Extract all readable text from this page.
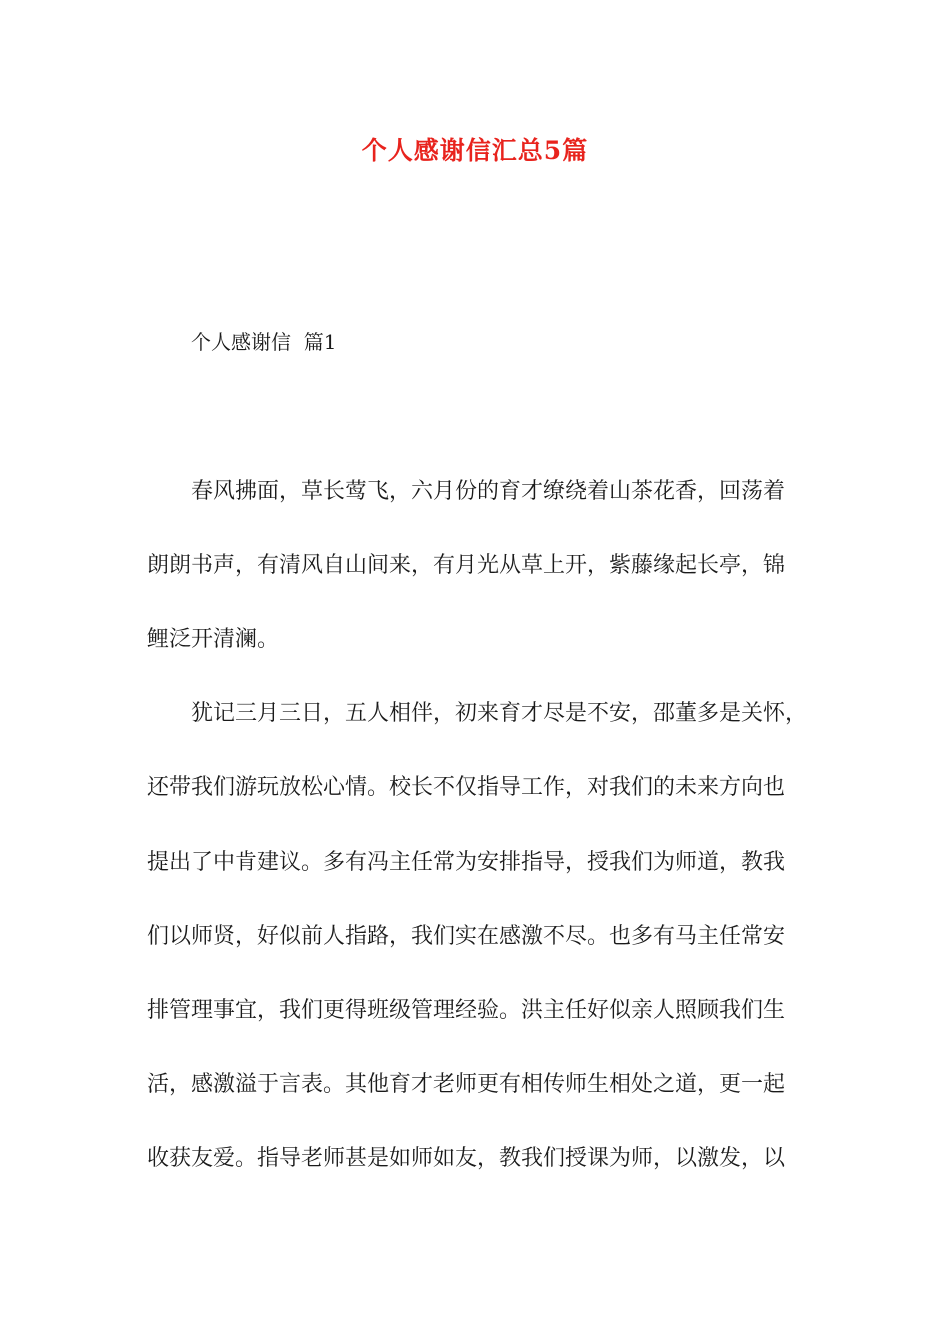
个人感谢信汇总5篇
个人感谢信  篇1
春风拂面，草长莺飞，六月份的育才缭绕着山茶花香，回荡着
朗朗书声，有清风自山间来，有月光从草上开，紫藤缘起长亭，锦
鲤泛开清澜。
犹记三月三日，五人相伴，初来育才尽是不安，邵董多是关怀，
还带我们游玩放松心情。校长不仅指导工作，对我们的未来方向也
提出了中肯建议。多有冯主任常为安排指导，授我们为师道，教我
们以师贤，好似前人指路，我们实在感激不尽。也多有马主任常安
排管理事宜，我们更得班级管理经验。洪主任好似亲人照顾我们生
活，感激溢于言表。其他育才老师更有相传师生相处之道，更一起
收获友爱。指导老师甚是如师如友，教我们授课为师，以激发，以
